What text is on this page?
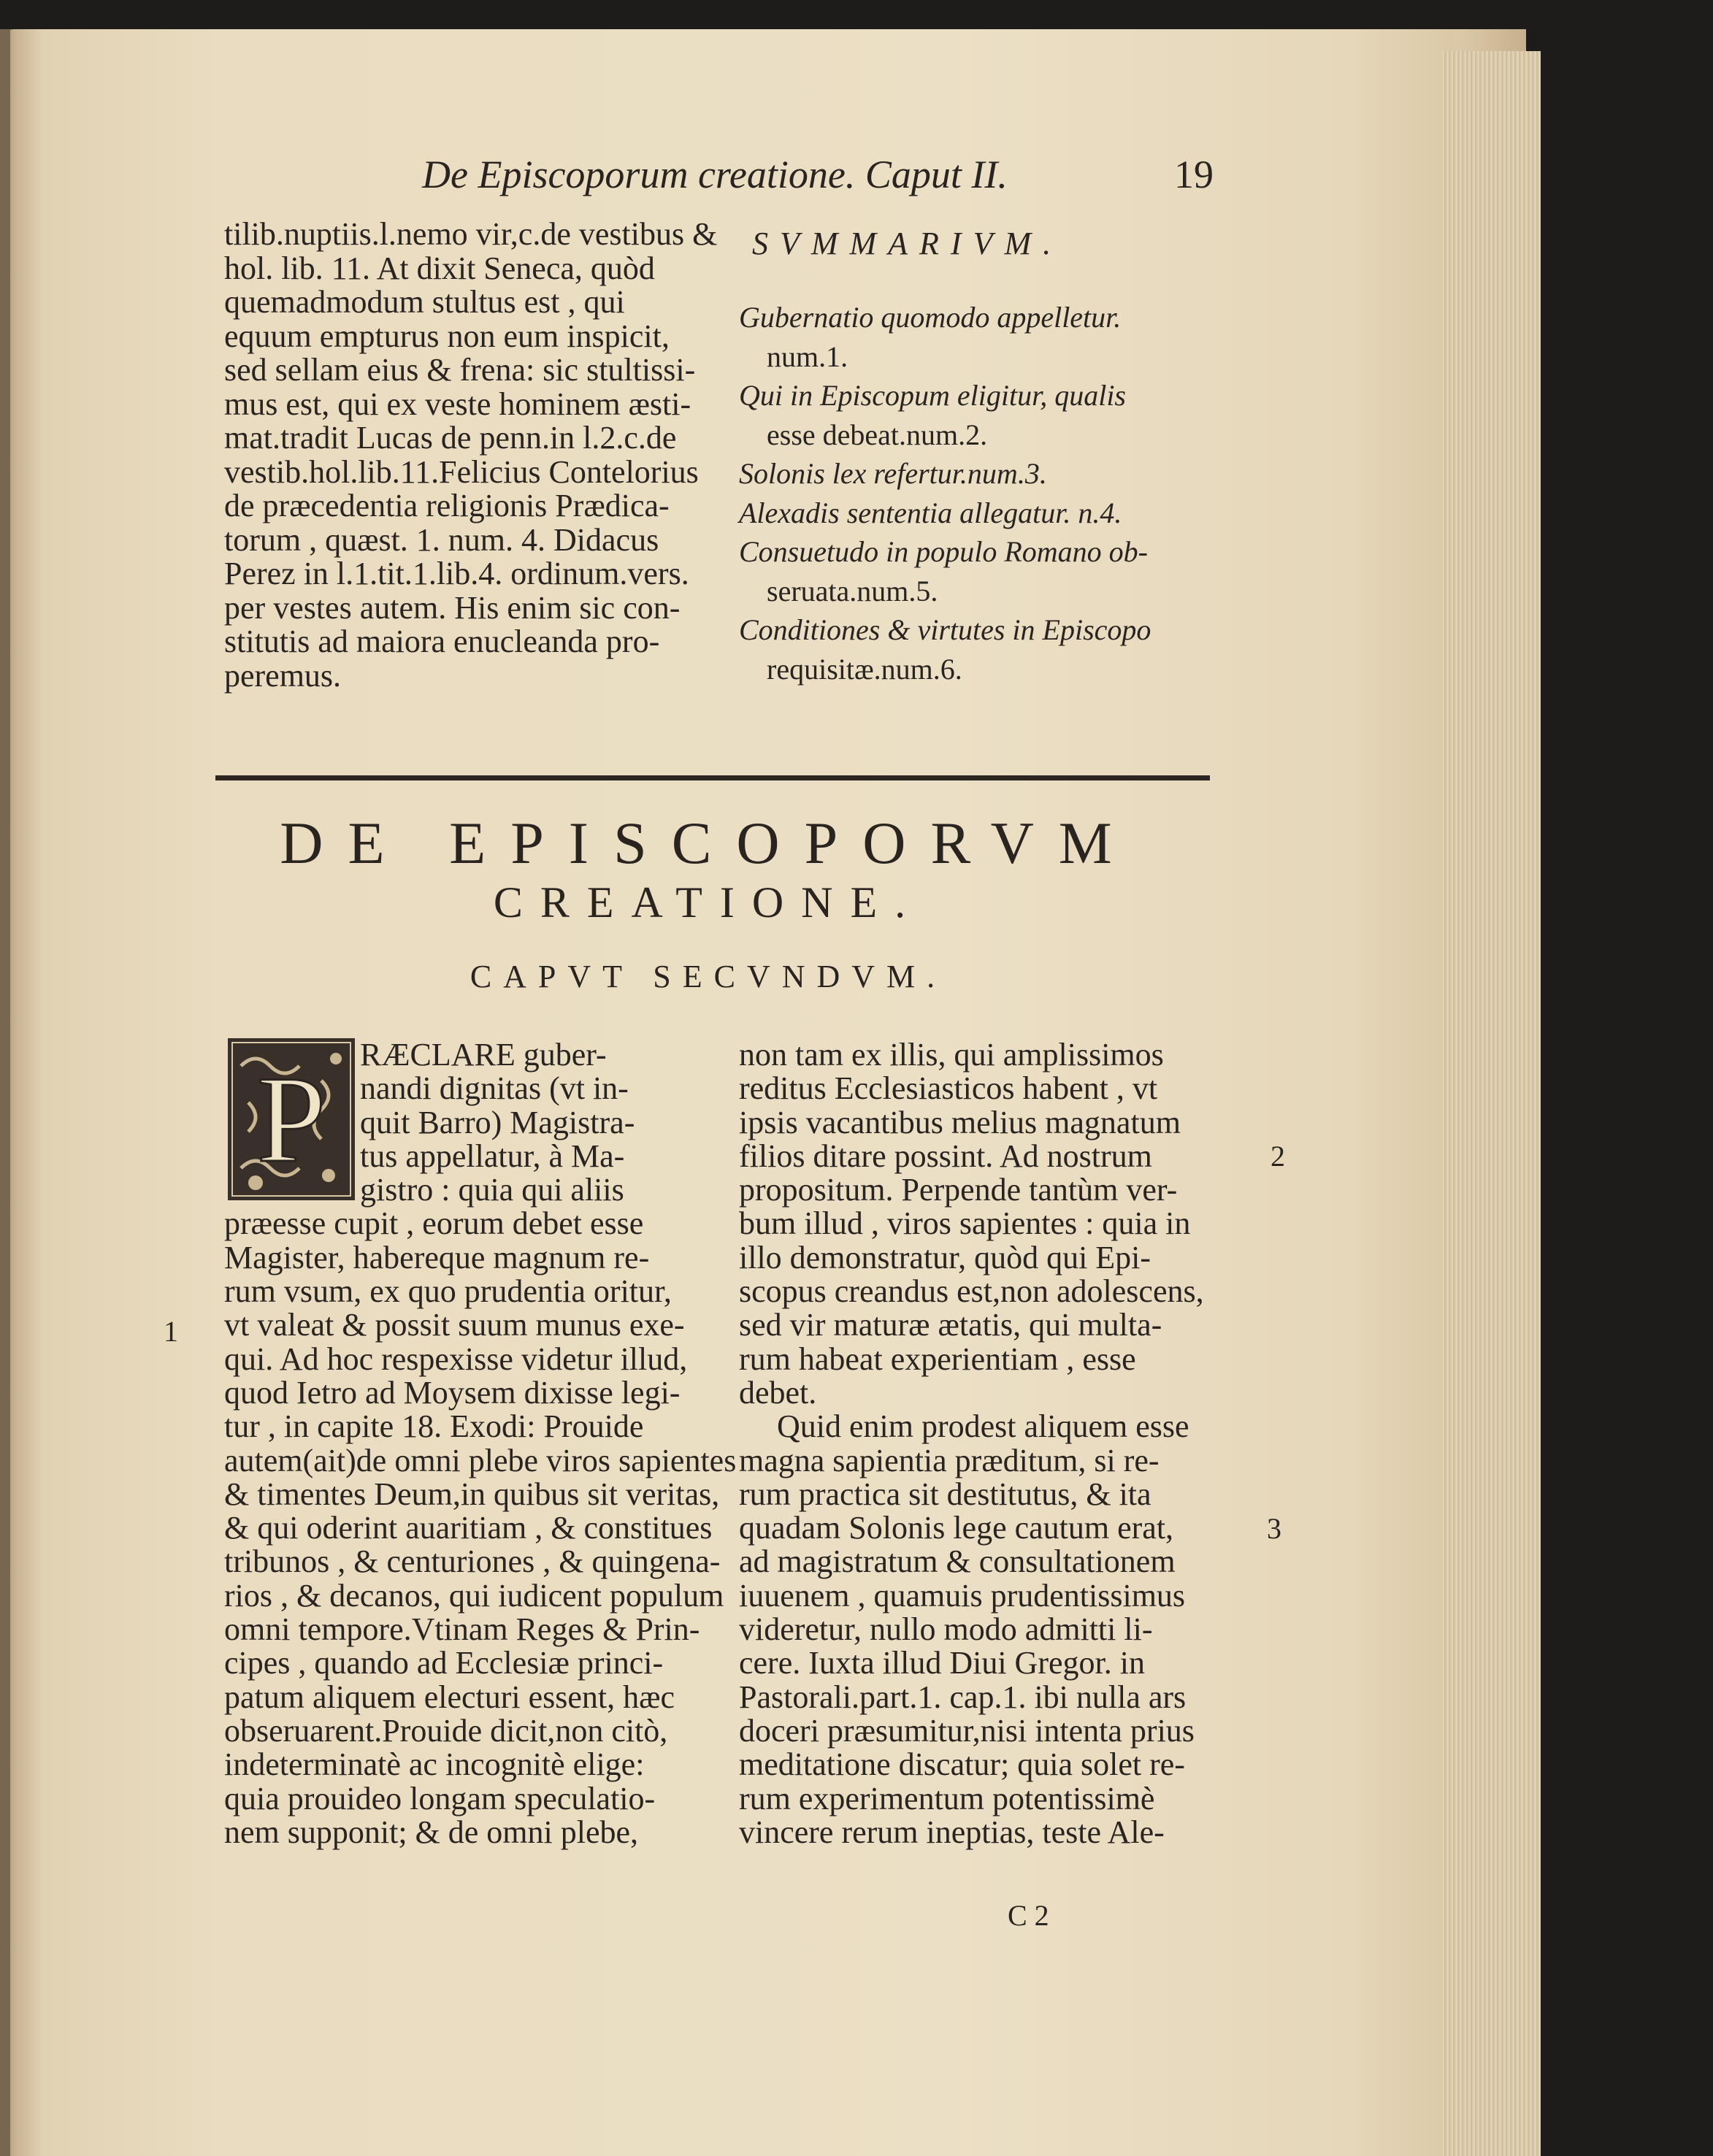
De Episcoporum creatione. Caput II.	19
tilib.nuptiis.l.nemo vir,c.de vestibus &
hol. lib. 11. At dixit Seneca, quòd
quemadmodum stultus est , qui
equum empturus non eum inspicit,
sed sellam eius & frena: sic stultissi-
mus est, qui ex veste hominem æsti-
mat.tradit Lucas de penn.in l.2.c.de
vestib.hol.lib.11.Felicius Contelorius
de præcedentia religionis Prædica-
torum , quæst. 1. num. 4. Didacus
Perez in l.1.tit.1.lib.4. ordinum.vers.
per vestes autem. His enim sic con-
stitutis ad maiora enucleanda pro-
peremus.
SVMMARIVM.
Gubernatio quomodo appelletur.
num.1.
Qui in Episcopum eligitur, qualis
esse debeat.num.2.
Solonis lex refertur.num.3.
Alexadis sententia allegatur. n.4.
Consuetudo in populo Romano ob-
seruata.num.5.
Conditiones & virtutes in Episcopo
requisitæ.num.6.
DE EPISCOPORVM
CREATIONE.
CAPVT SECVNDVM.
P	RÆCLARE guber-
nandi dignitas (vt in-
quit Barro) Magistra-
tus appellatur, à Ma-
gistro : quia qui aliis
præesse cupit , eorum debet esse
Magister, habereque magnum re-
rum vsum, ex quo prudentia oritur,
vt valeat & possit suum munus exe-
qui. Ad hoc respexisse videtur illud,
quod Ietro ad Moysem dixisse legi-
tur , in capite 18. Exodi: Prouide
autem(ait)de omni plebe viros sapientes
& timentes Deum,in quibus sit veritas,
& qui oderint auaritiam , & constitues
tribunos , & centuriones , & quingena-
rios , & decanos, qui iudicent populum
omni tempore.Vtinam Reges & Prin-
cipes , quando ad Ecclesiæ princi-
patum aliquem electuri essent, hæc
obseruarent.Prouide dicit,non citò,
indeterminatè ac incognitè elige:
quia prouideo longam speculatio-
nem supponit; & de omni plebe,
non tam ex illis, qui amplissimos
reditus Ecclesiasticos habent , vt
ipsis vacantibus melius magnatum
filios ditare possint. Ad nostrum
propositum. Perpende tantùm ver-
bum illud , viros sapientes : quia in
illo demonstratur, quòd qui Epi-
scopus creandus est,non adolescens,
sed vir maturæ ætatis, qui multa-
rum habeat experientiam , esse
debet.
Quid enim prodest aliquem esse
magna sapientia præditum, si re-
rum practica sit destitutus, & ita
quadam Solonis lege cautum erat,
ad magistratum & consultationem
iuuenem , quamuis prudentissimus
videretur, nullo modo admitti li-
cere. Iuxta illud Diui Gregor. in
Pastorali.part.1. cap.1. ibi nulla ars
doceri præsumitur,nisi intenta prius
meditatione discatur; quia solet re-
rum experimentum potentissimè
vincere rerum ineptias, teste Ale-
1
2
3
C 2
